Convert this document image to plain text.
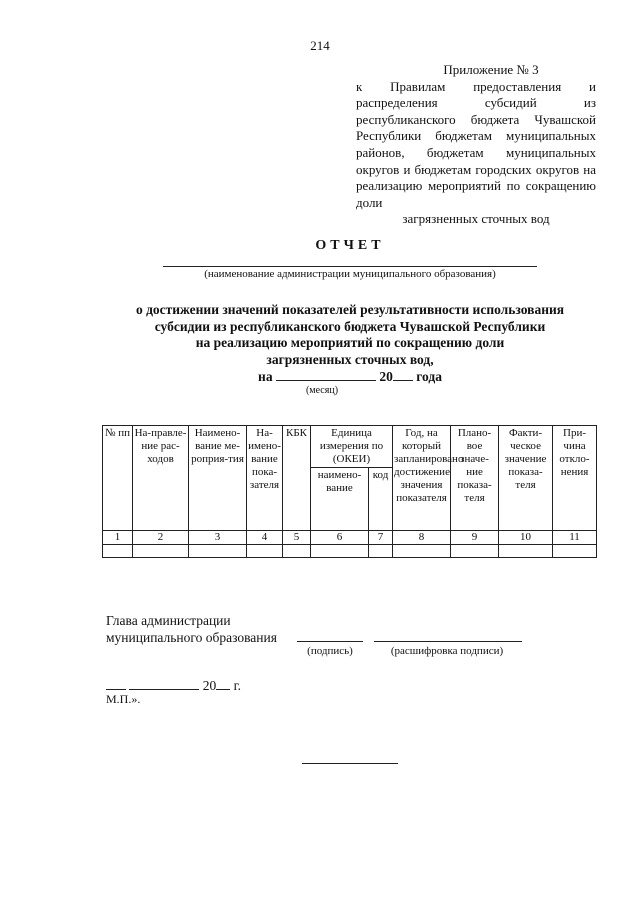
214
Приложение № 3
к Правилам предоставления и распределения субсидий из республиканского бюджета Чувашской Республики бюджетам муниципальных районов, бюджетам муниципальных округов и бюджетам городских округов на реализацию мероприятий по сокращению доли
загрязненных сточных вод
ОТЧЕТ
(наименование администрации муниципального образования)
о достижении значений показателей результативности использования
субсидии из республиканского бюджета Чувашской Республики
на реализацию мероприятий по сокращению доли
загрязненных сточных вод,
на	20 года
(месяц)
№ пп	На-правле-ние рас-ходов	Наимено-вание ме-роприя-тия	На-имено-вание пока-зателя	КБК	Единица измерения по (ОКЕИ)		Год, на который запланировано достижение значения показателя	Плано-вое значе-ние показа-теля	Факти-ческое значение показа-теля	При-чина откло-нения
					наимено-вание	код				
1	2	3	4	5	6	7	8	9	10	11

Глава администрации
муниципального образования
(подпись)	(расшифровка подписи)
20 г.
М.П.».
